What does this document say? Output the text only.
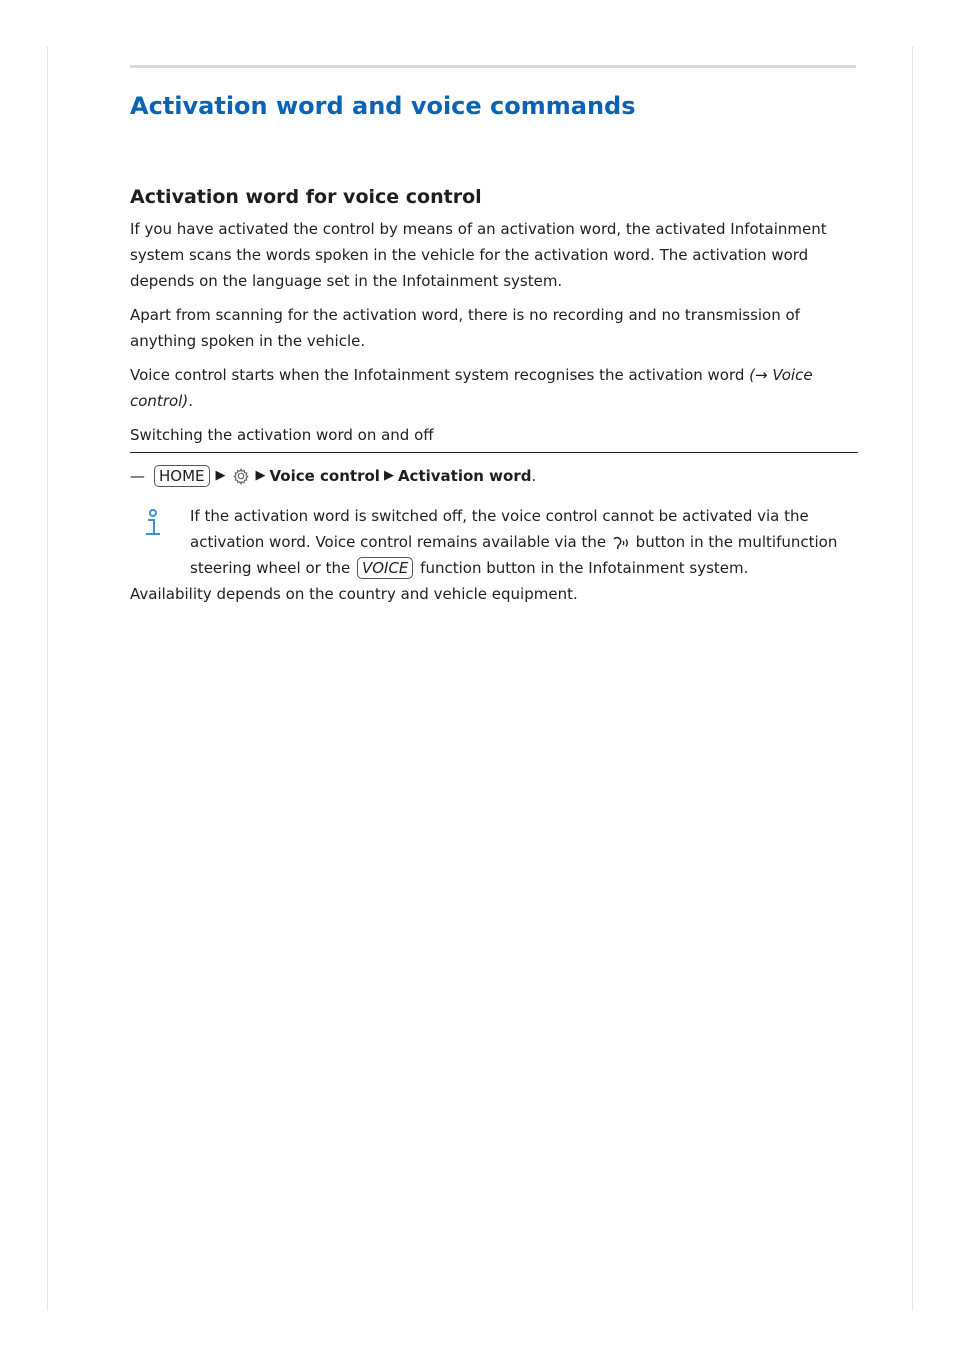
Activation word and voice commands
Activation word for voice control

If you have activated the control by means of an activation word, the activated Infotainment system scans the words spoken in the vehicle for the activation word. The activation word depends on the language set in the Infotainment system.

Apart from scanning for the activation word, there is no recording and no transmission of anything spoken in the vehicle.

Voice control starts when the Infotainment system recognises the activation word (→ Voice control).

Switching the activation word on and off

— HOME ▶ ▶ Voice control ▶ Activation word .

If the activation word is switched off, the voice control cannot be activated via the activation word. Voice control remains available via the  button in the multifunction steering wheel or the VOICE function button in the Infotainment system.

Availability depends on the country and vehicle equipment.
